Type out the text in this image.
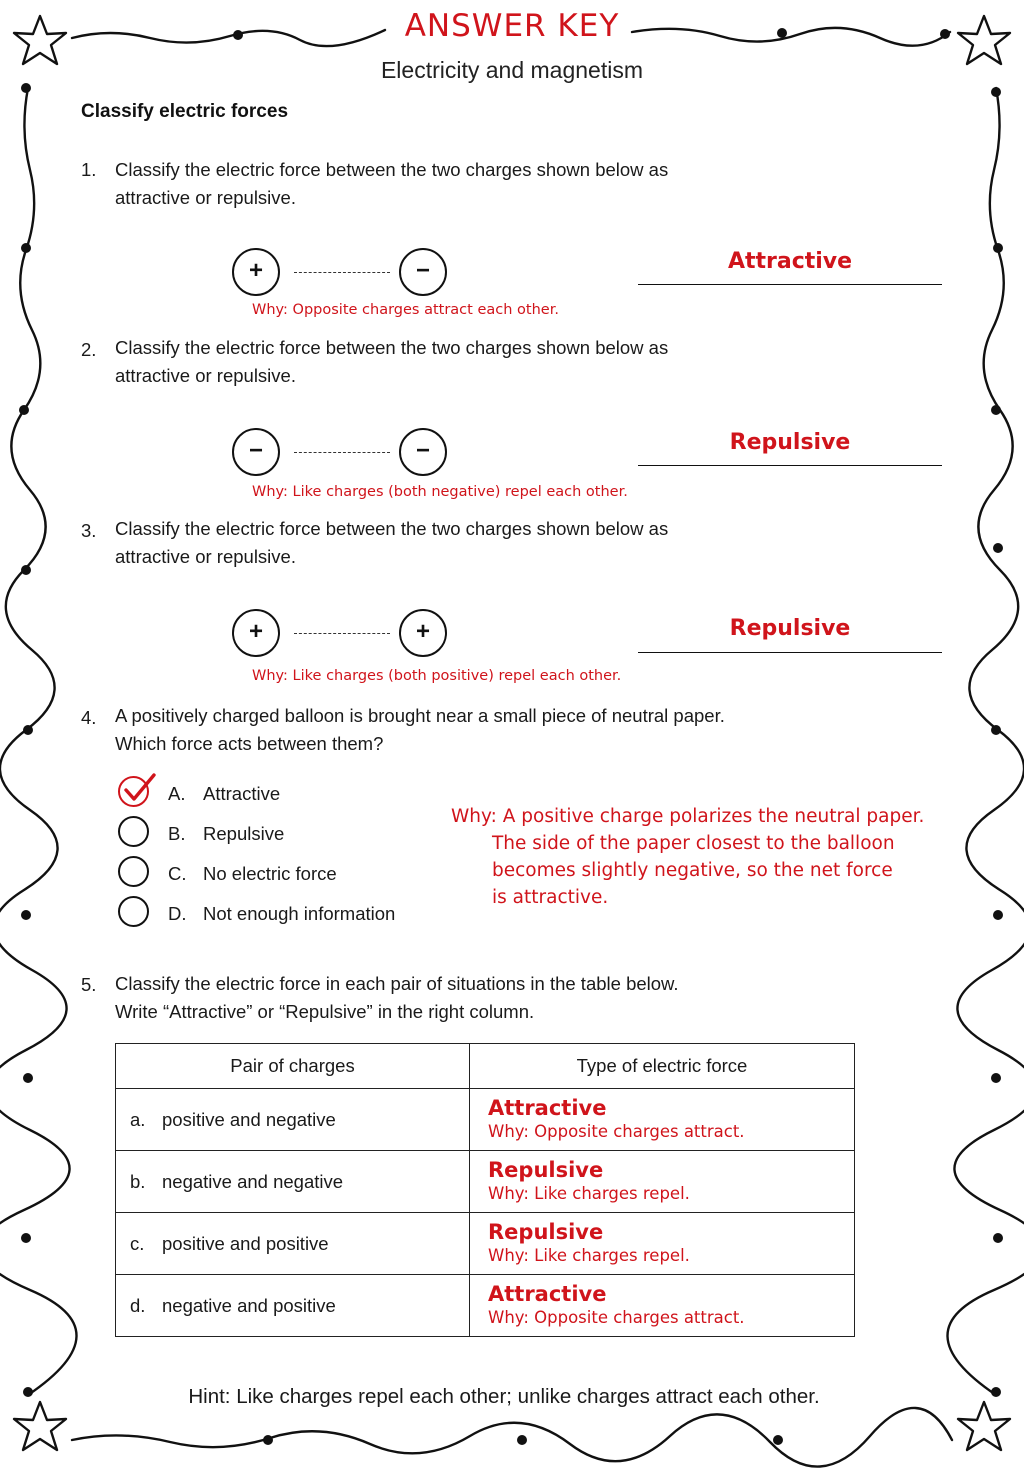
ANSWER KEY
Electricity and magnetism
Classify electric forces
1. Classify the electric force between the two charges shown below as
attractive or repulsive.
+	−
Why: Opposite charges attract each other.
Attractive
2. Classify the electric force between the two charges shown below as
attractive or repulsive.
−	−
Why: Like charges (both negative) repel each other.
Repulsive
3. Classify the electric force between the two charges shown below as
attractive or repulsive.
+	+
Why: Like charges (both positive) repel each other.
Repulsive
4. A positively charged balloon is brought near a small piece of neutral paper.
Which force acts between them?
A. Attractive
B. Repulsive
C. No electric force
D. Not enough information
Why: A positive charge polarizes the neutral paper.
The side of the paper closest to the balloon
becomes slightly negative, so the net force
is attractive.
5. Classify the electric force in each pair of situations in the table below.
Write “Attractive” or “Repulsive” in the right column.
Pair of charges	Type of electric force
a. positive and negative	Attractive
Why: Opposite charges attract.

b. negative and negative	Repulsive
Why: Like charges repel.

c. positive and positive	Repulsive
Why: Like charges repel.

d. negative and positive	Attractive
Why: Opposite charges attract.
Hint: Like charges repel each other; unlike charges attract each other.
